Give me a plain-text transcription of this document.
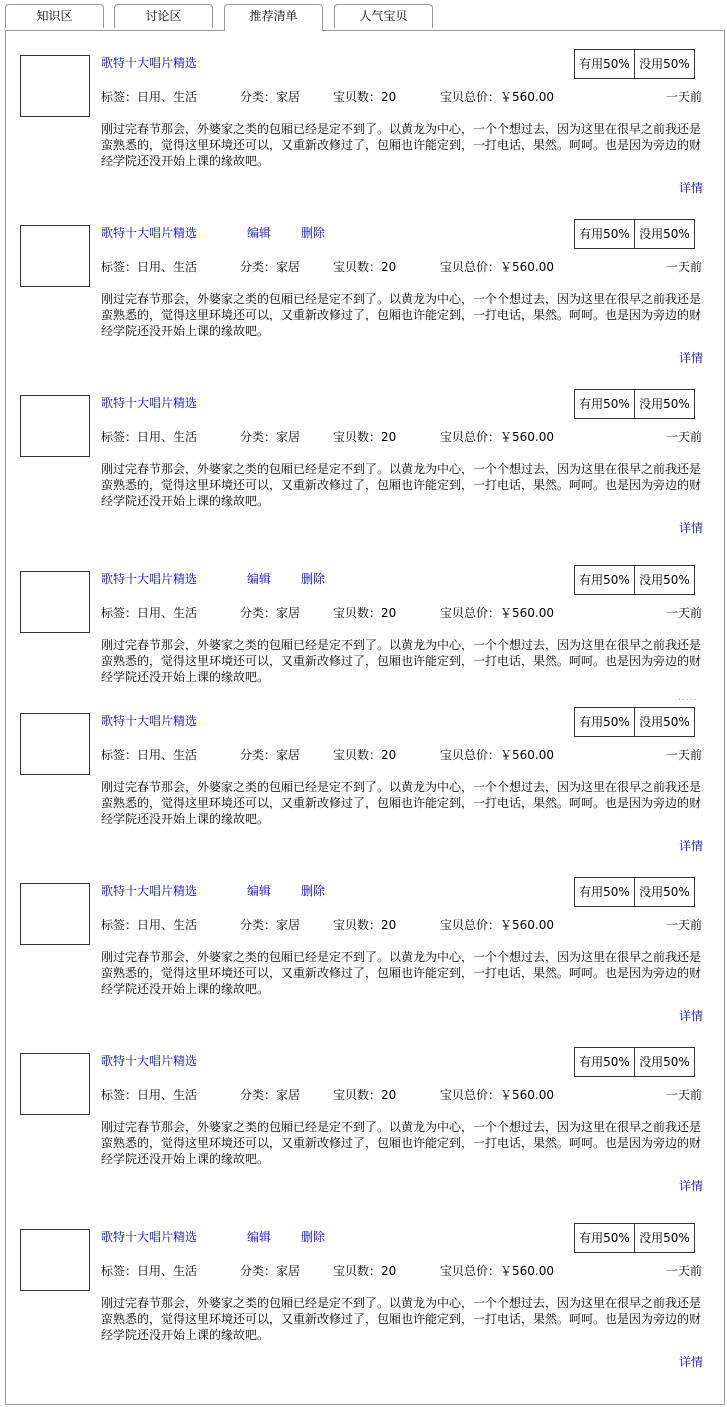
知识区	讨论区	推荐清单	人气宝贝
歌特十大唱片精选	有用50% 没用50%
标签：日用、生活	分类：家居	宝贝数：20	宝贝总价：￥560.00	一天前
刚过完春节那会，外婆家之类的包厢已经是定不到了。以黄龙为中心，一个个想过去，因为这里在很早之前我还是蛮熟悉的，觉得这里环境还可以，又重新改修过了，包厢也许能定到，一打电话，果然。呵呵。也是因为旁边的财经学院还没开始上课的缘故吧。
详情
歌特十大唱片精选	编辑 删除	有用50% 没用50%
标签：日用、生活	分类：家居	宝贝数：20	宝贝总价：￥560.00	一天前
刚过完春节那会，外婆家之类的包厢已经是定不到了。以黄龙为中心，一个个想过去，因为这里在很早之前我还是蛮熟悉的，觉得这里环境还可以，又重新改修过了，包厢也许能定到，一打电话，果然。呵呵。也是因为旁边的财经学院还没开始上课的缘故吧。
详情
歌特十大唱片精选	有用50% 没用50%
标签：日用、生活	分类：家居	宝贝数：20	宝贝总价：￥560.00	一天前
刚过完春节那会，外婆家之类的包厢已经是定不到了。以黄龙为中心，一个个想过去，因为这里在很早之前我还是蛮熟悉的，觉得这里环境还可以，又重新改修过了，包厢也许能定到，一打电话，果然。呵呵。也是因为旁边的财经学院还没开始上课的缘故吧。
详情
歌特十大唱片精选	编辑 删除	有用50% 没用50%
标签：日用、生活	分类：家居	宝贝数：20	宝贝总价：￥560.00	一天前
刚过完春节那会，外婆家之类的包厢已经是定不到了。以黄龙为中心，一个个想过去，因为这里在很早之前我还是蛮熟悉的，觉得这里环境还可以，又重新改修过了，包厢也许能定到，一打电话，果然。呵呵。也是因为旁边的财经学院还没开始上课的缘故吧。
.....
歌特十大唱片精选	有用50% 没用50%
标签：日用、生活	分类：家居	宝贝数：20	宝贝总价：￥560.00	一天前
刚过完春节那会，外婆家之类的包厢已经是定不到了。以黄龙为中心，一个个想过去，因为这里在很早之前我还是蛮熟悉的，觉得这里环境还可以，又重新改修过了，包厢也许能定到，一打电话，果然。呵呵。也是因为旁边的财经学院还没开始上课的缘故吧。
详情
歌特十大唱片精选	编辑 删除	有用50% 没用50%
标签：日用、生活	分类：家居	宝贝数：20	宝贝总价：￥560.00	一天前
刚过完春节那会，外婆家之类的包厢已经是定不到了。以黄龙为中心，一个个想过去，因为这里在很早之前我还是蛮熟悉的，觉得这里环境还可以，又重新改修过了，包厢也许能定到，一打电话，果然。呵呵。也是因为旁边的财经学院还没开始上课的缘故吧。
详情
歌特十大唱片精选	有用50% 没用50%
标签：日用、生活	分类：家居	宝贝数：20	宝贝总价：￥560.00	一天前
刚过完春节那会，外婆家之类的包厢已经是定不到了。以黄龙为中心，一个个想过去，因为这里在很早之前我还是蛮熟悉的，觉得这里环境还可以，又重新改修过了，包厢也许能定到，一打电话，果然。呵呵。也是因为旁边的财经学院还没开始上课的缘故吧。
详情
歌特十大唱片精选	编辑 删除	有用50% 没用50%
标签：日用、生活	分类：家居	宝贝数：20	宝贝总价：￥560.00	一天前
刚过完春节那会，外婆家之类的包厢已经是定不到了。以黄龙为中心，一个个想过去，因为这里在很早之前我还是蛮熟悉的，觉得这里环境还可以，又重新改修过了，包厢也许能定到，一打电话，果然。呵呵。也是因为旁边的财经学院还没开始上课的缘故吧。
详情
